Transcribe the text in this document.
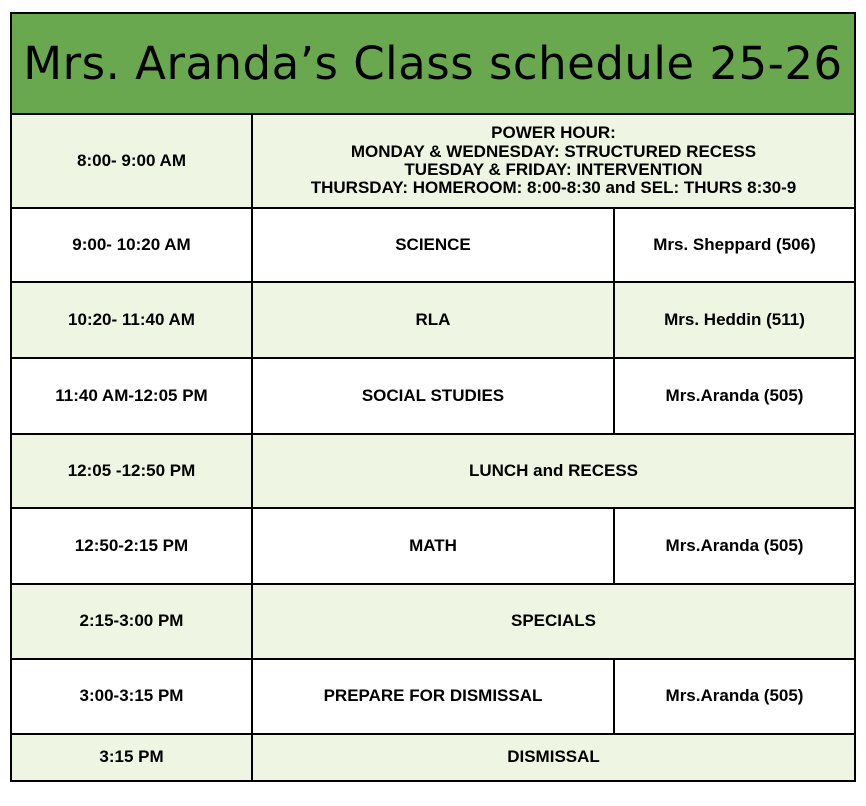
Mrs. Aranda’s Class schedule 25-26
8:00- 9:00 AM	POWER HOUR:
MONDAY & WEDNESDAY: STRUCTURED RECESS
TUESDAY & FRIDAY: INTERVENTION
THURSDAY: HOMEROOM: 8:00-8:30 and SEL: THURS 8:30-9	

9:00- 10:20 AM	SCIENCE	Mrs. Sheppard (506)
10:20- 11:40 AM	RLA	Mrs. Heddin (511)
11:40 AM-12:05 PM	SOCIAL STUDIES	Mrs.Aranda (505)
12:05 -12:50 PM	LUNCH and RECESS	
12:50-2:15 PM	MATH	Mrs.Aranda (505)
2:15-3:00 PM	SPECIALS	
3:00-3:15 PM	PREPARE FOR DISMISSAL	Mrs.Aranda (505)
3:15 PM	DISMISSAL	
